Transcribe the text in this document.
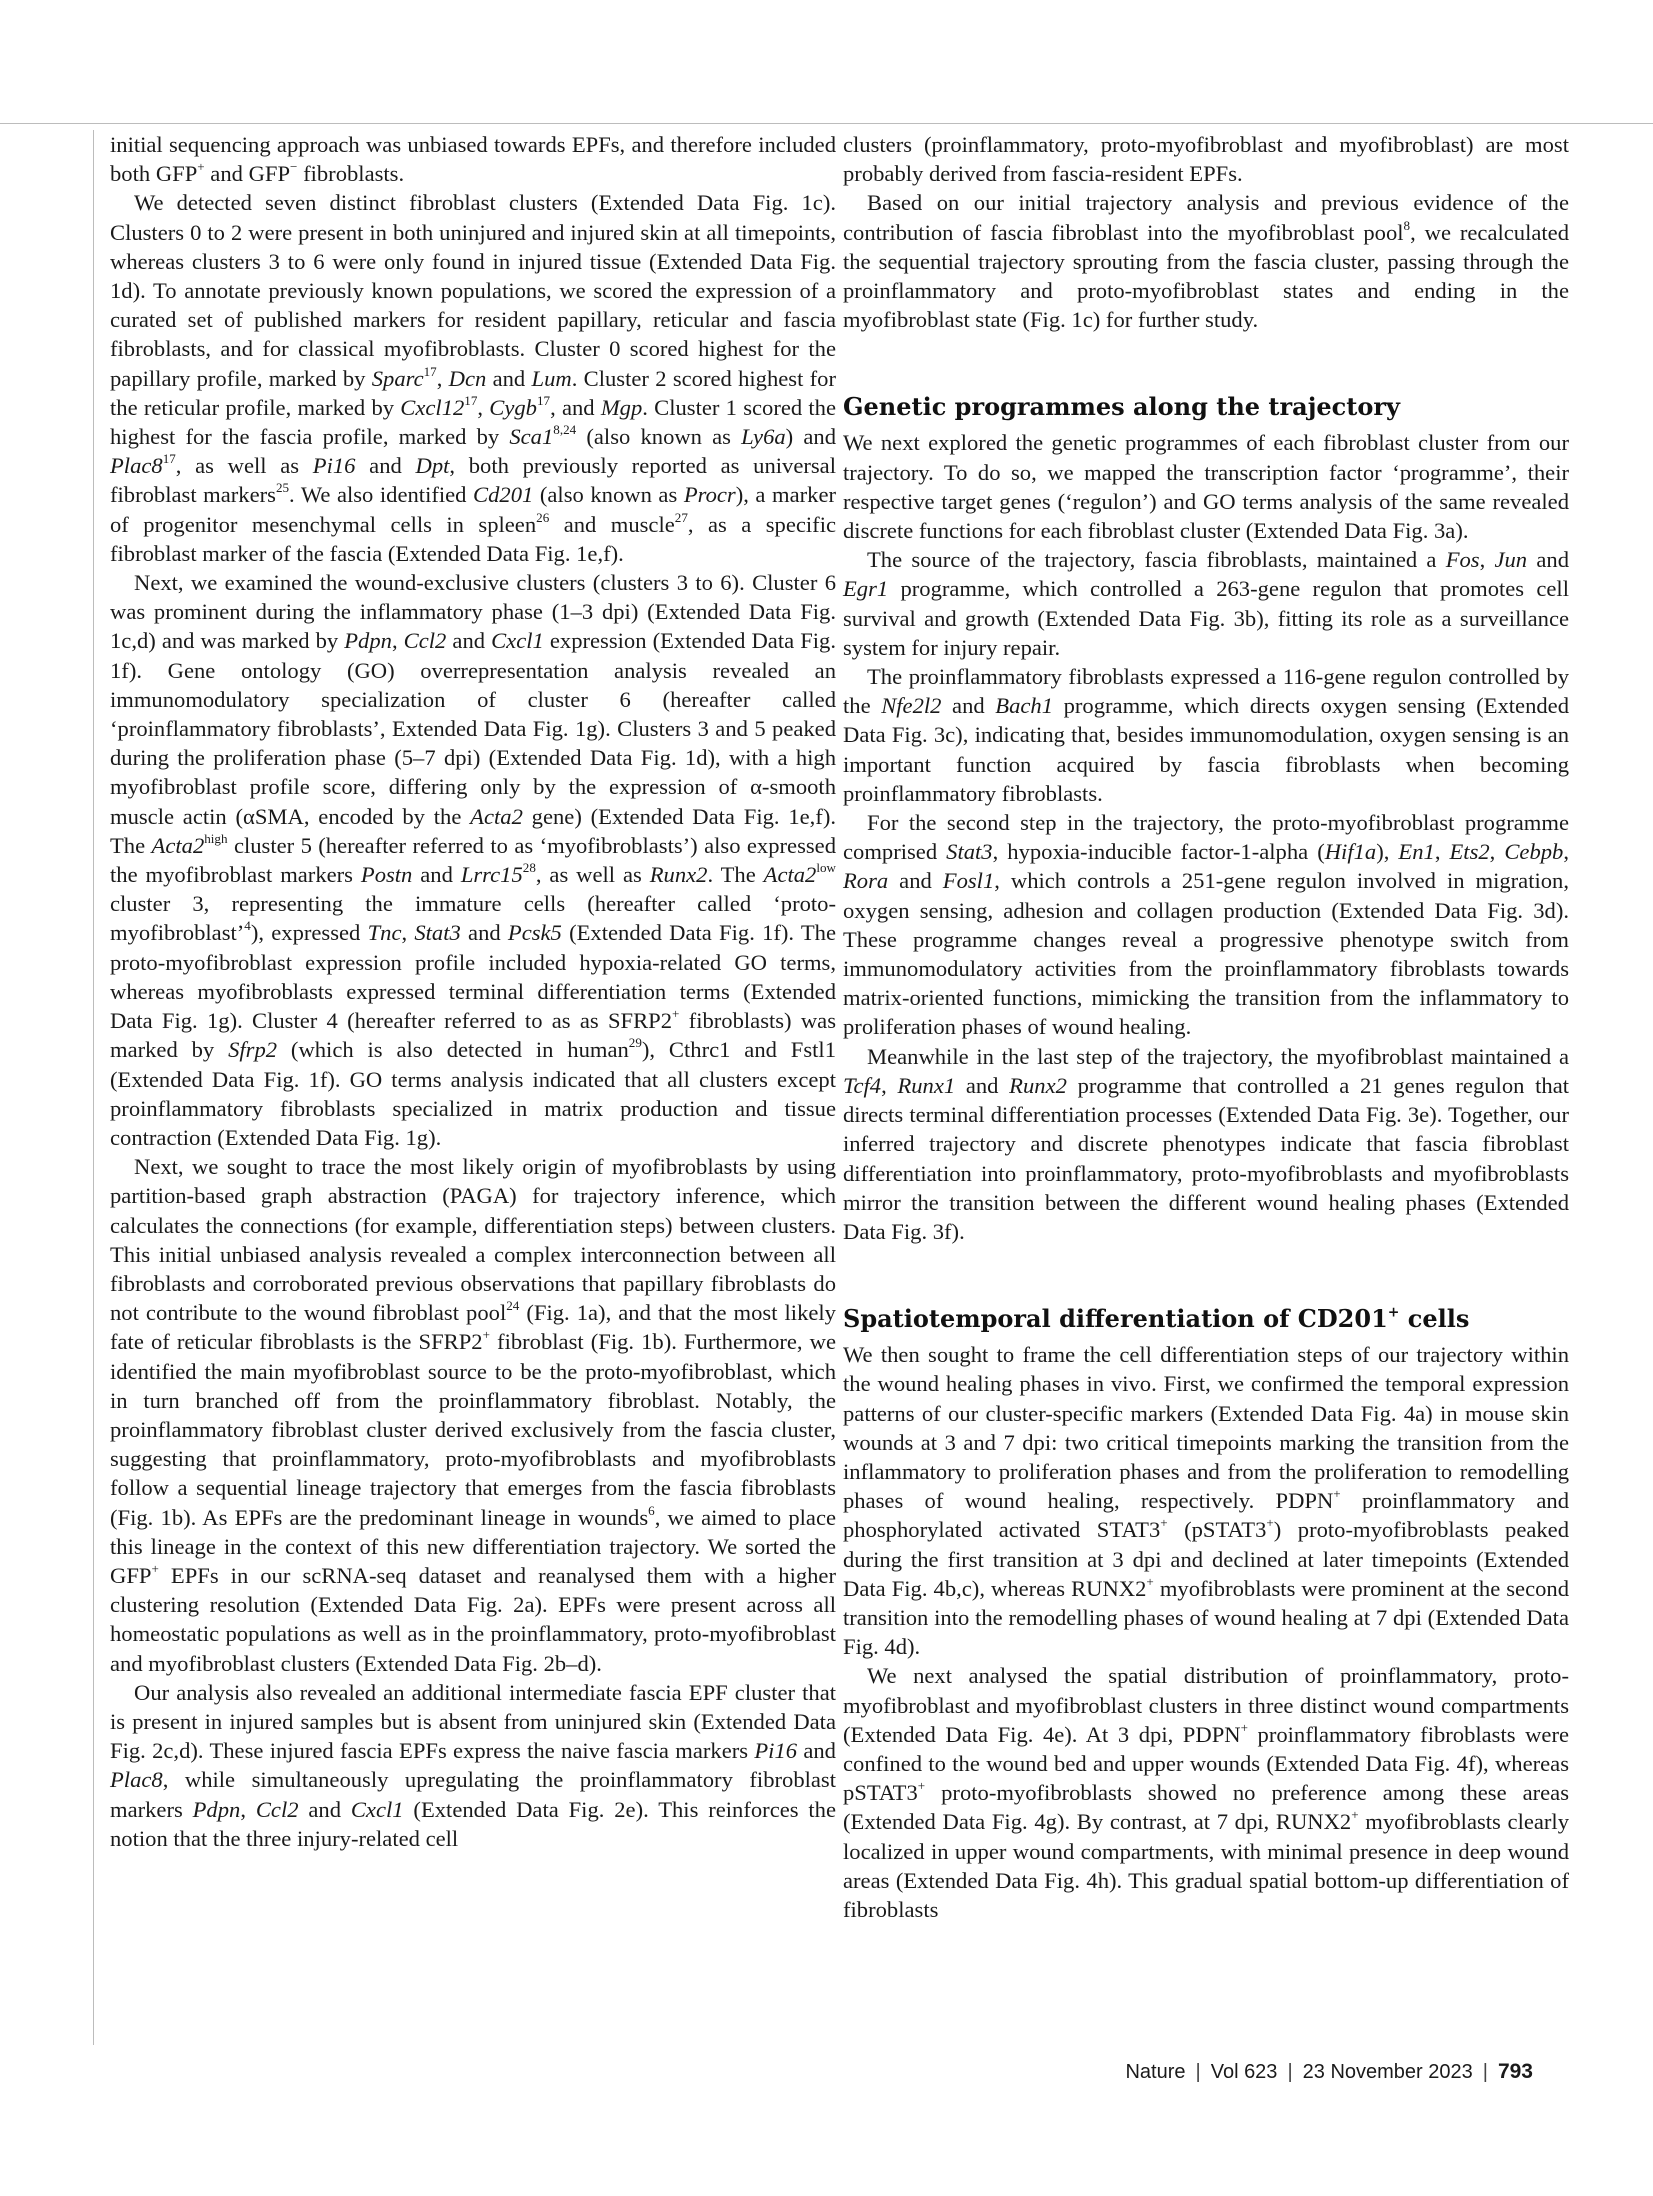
initial sequencing approach was unbiased towards EPFs, and therefore included both GFP+ and GFP− fibroblasts.

We detected seven distinct fibroblast clusters (Extended Data Fig. 1c). Clusters 0 to 2 were present in both uninjured and injured skin at all timepoints, whereas clusters 3 to 6 were only found in injured tissue (Extended Data Fig. 1d). To annotate previously known populations, we scored the expression of a curated set of published markers for resident papillary, reticular and fascia fibroblasts, and for classical myofibroblasts. Cluster 0 scored highest for the papillary profile, marked by Sparc$^{17}$, Dcn and Lum. Cluster 2 scored highest for the reticular profile, marked by $Cxcl12^{17}$, Cygb$^{17}$, and Mgp. Cluster 1 scored the highest for the fascia profile, marked by Sca1$^{8,24}$ (also known as Ly6a) and $Plac8^{17}$, as well as Pi16 and Dpt, both previously reported as universal fibroblast markers$^{25}$. We also identified Cd201 (also known as Procr), a marker of progenitor mesenchymal cells in spleen$^{26}$ and muscle$^{27}$, as a specific fibroblast marker of the fascia (Extended Data Fig. 1e,f).

Next, we examined the wound-exclusive clusters (clusters 3 to 6). Cluster 6 was prominent during the inflammatory phase (1–3 dpi) (Extended Data Fig. 1c,d) and was marked by Pdpn, Ccl2 and Cxcl1 expression (Extended Data Fig. 1f). Gene ontology (GO) overrepresentation analysis revealed an immunomodulatory specialization of cluster 6 (hereafter called ‘proinflammatory fibroblasts’, Extended Data Fig. 1g). Clusters 3 and 5 peaked during the proliferation phase (5–7 dpi) (Extended Data Fig. 1d), with a high myofibroblast profile score, differing only by the expression of α-smooth muscle actin (αSMA, encoded by the Acta2 gene) (Extended Data Fig. 1e,f). The $Acta2^{high}$ cluster 5 (hereafter referred to as ‘myofibroblasts’) also expressed the myofibroblast markers Postn and $Lrrc15^{28}$, as well as Runx2. The $Acta2^{low}$ cluster 3, representing the immature cells (hereafter called ‘proto-myofibroblast’$^4$), expressed Tnc, Stat3 and Pcsk5 (Extended Data Fig. 1f). The proto-myofibroblast expression profile included hypoxia-related GO terms, whereas myofibroblasts expressed terminal differentiation terms (Extended Data Fig. 1g). Cluster 4 (hereafter referred to as as SFRP2+ fibroblasts) was marked by Sfrp2 (which is also detected in human$^{29}$), Cthrc1 and Fstl1 (Extended Data Fig. 1f). GO terms analysis indicated that all clusters except proinflammatory fibroblasts specialized in matrix production and tissue contraction (Extended Data Fig. 1g).

Next, we sought to trace the most likely origin of myofibroblasts by using partition-based graph abstraction (PAGA) for trajectory inference, which calculates the connections (for example, differentiation steps) between clusters. This initial unbiased analysis revealed a complex interconnection between all fibroblasts and corroborated previous observations that papillary fibroblasts do not contribute to the wound fibroblast pool$^{24}$ (Fig. 1a), and that the most likely fate of reticular fibroblasts is the SFRP2+ fibroblast (Fig. 1b). Furthermore, we identified the main myofibroblast source to be the proto-myofibroblast, which in turn branched off from the proinflammatory fibroblast. Notably, the proinflammatory fibroblast cluster derived exclusively from the fascia cluster, suggesting that proinflammatory, proto-myofibroblasts and myofibroblasts follow a sequential lineage trajectory that emerges from the fascia fibroblasts (Fig. 1b). As EPFs are the predominant lineage in wounds$^6$, we aimed to place this lineage in the context of this new differentiation trajectory. We sorted the GFP+ EPFs in our scRNA-seq dataset and reanalysed them with a higher clustering resolution (Extended Data Fig. 2a). EPFs were present across all homeostatic populations as well as in the proinflammatory, proto-myofibroblast and myofibroblast clusters (Extended Data Fig. 2b–d).

Our analysis also revealed an additional intermediate fascia EPF cluster that is present in injured samples but is absent from uninjured skin (Extended Data Fig. 2c,d). These injured fascia EPFs express the naive fascia markers Pi16 and Plac8, while simultaneously upregulating the proinflammatory fibroblast markers Pdpn, Ccl2 and Cxcl1 (Extended Data Fig. 2e). This reinforces the notion that the three injury-related cell

clusters (proinflammatory, proto-myofibroblast and myofibroblast) are most probably derived from fascia-resident EPFs.

Based on our initial trajectory analysis and previous evidence of the contribution of fascia fibroblast into the myofibroblast pool$^8$, we recalculated the sequential trajectory sprouting from the fascia cluster, passing through the proinflammatory and proto-myofibroblast states and ending in the myofibroblast state (Fig. 1c) for further study.

Genetic programmes along the trajectory

We next explored the genetic programmes of each fibroblast cluster from our trajectory. To do so, we mapped the transcription factor ‘programme’, their respective target genes (‘regulon’) and GO terms analysis of the same revealed discrete functions for each fibroblast cluster (Extended Data Fig. 3a).

The source of the trajectory, fascia fibroblasts, maintained a Fos, Jun and Egr1 programme, which controlled a 263-gene regulon that promotes cell survival and growth (Extended Data Fig. 3b), fitting its role as a surveillance system for injury repair.

The proinflammatory fibroblasts expressed a 116-gene regulon controlled by the Nfe2l2 and Bach1 programme, which directs oxygen sensing (Extended Data Fig. 3c), indicating that, besides immunomodulation, oxygen sensing is an important function acquired by fascia fibroblasts when becoming proinflammatory fibroblasts.

For the second step in the trajectory, the proto-myofibroblast programme comprised Stat3, hypoxia-inducible factor-1-alpha (Hif1a), En1, Ets2, Cebpb, Rora and Fosl1, which controls a 251-gene regulon involved in migration, oxygen sensing, adhesion and collagen production (Extended Data Fig. 3d). These programme changes reveal a progressive phenotype switch from immunomodulatory activities from the proinflammatory fibroblasts towards matrix-oriented functions, mimicking the transition from the inflammatory to proliferation phases of wound healing.

Meanwhile in the last step of the trajectory, the myofibroblast maintained a Tcf4, Runx1 and Runx2 programme that controlled a 21 genes regulon that directs terminal differentiation processes (Extended Data Fig. 3e). Together, our inferred trajectory and discrete phenotypes indicate that fascia fibroblast differentiation into proinflammatory, proto-myofibroblasts and myofibroblasts mirror the transition between the different wound healing phases (Extended Data Fig. 3f).

Spatiotemporal differentiation of CD201+ cells

We then sought to frame the cell differentiation steps of our trajectory within the wound healing phases in vivo. First, we confirmed the temporal expression patterns of our cluster-specific markers (Extended Data Fig. 4a) in mouse skin wounds at 3 and 7 dpi: two critical timepoints marking the transition from the inflammatory to proliferation phases and from the proliferation to remodelling phases of wound healing, respectively. PDPN+ proinflammatory and phosphorylated activated STAT3+ (pSTAT3+) proto-myofibroblasts peaked during the first transition at 3 dpi and declined at later timepoints (Extended Data Fig. 4b,c), whereas RUNX2+ myofibroblasts were prominent at the second transition into the remodelling phases of wound healing at 7 dpi (Extended Data Fig. 4d).

We next analysed the spatial distribution of proinflammatory, proto-myofibroblast and myofibroblast clusters in three distinct wound compartments (Extended Data Fig. 4e). At 3 dpi, PDPN+ proinflammatory fibroblasts were confined to the wound bed and upper wounds (Extended Data Fig. 4f), whereas pSTAT3+ proto-myofibroblasts showed no preference among these areas (Extended Data Fig. 4g). By contrast, at 7 dpi, RUNX2+ myofibroblasts clearly localized in upper wound compartments, with minimal presence in deep wound areas (Extended Data Fig. 4h). This gradual spatial bottom-up differentiation of fibroblasts

Nature | Vol 623 | 23 November 2023 | 793
